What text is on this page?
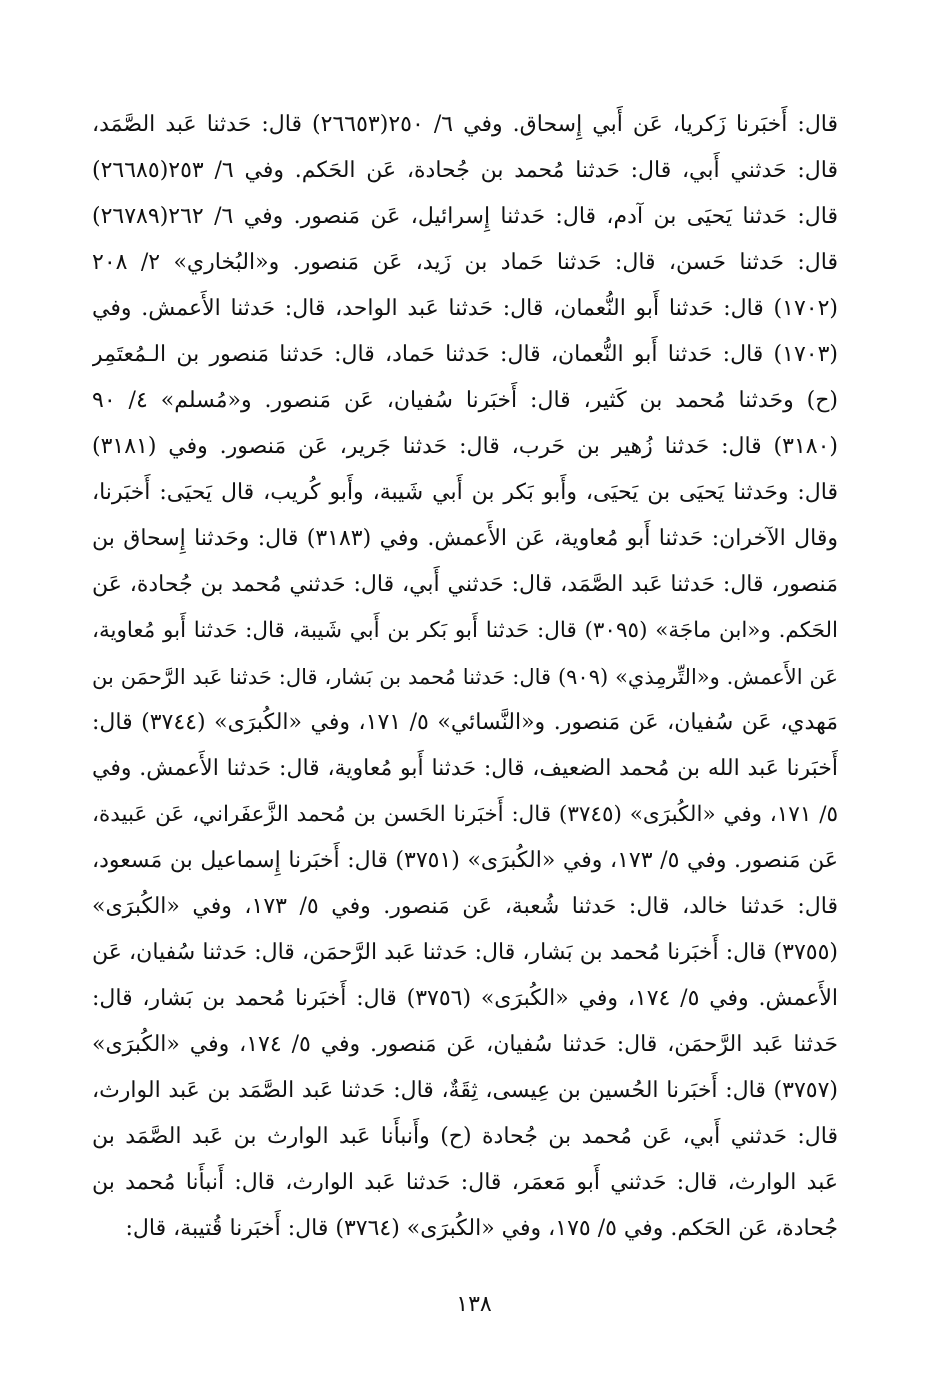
قال: أَخبَرنا زَكريا، عَن أَبي إِسحاق. وفي ٦/ ٢٥٠(٢٦٦٥٣) قال: حَدثنا عَبد الصَّمَد،
قال: حَدثني أَبي، قال: حَدثنا مُحمد بن جُحادة، عَن الحَكم. وفي ٦/ ٢٥٣(٢٦٦٨٥)
قال: حَدثنا يَحيَى بن آدم، قال: حَدثنا إِسرائيل، عَن مَنصور. وفي ٦/ ٢٦٢(٢٦٧٨٩)
قال: حَدثنا حَسن، قال: حَدثنا حَماد بن زَيد، عَن مَنصور. و«البُخاري» ٢/ ٢٠٨
(١٧٠٢) قال: حَدثنا أَبو النُّعمان، قال: حَدثنا عَبد الواحد، قال: حَدثنا الأَعمش. وفي
(١٧٠٣) قال: حَدثنا أَبو النُّعمان، قال: حَدثنا حَماد، قال: حَدثنا مَنصور بن الـمُعتَمِر
(ح) وحَدثنا مُحمد بن كَثير، قال: أَخبَرنا سُفيان، عَن مَنصور. و«مُسلم» ٤/ ٩٠
(٣١٨٠) قال: حَدثنا زُهير بن حَرب، قال: حَدثنا جَرير، عَن مَنصور. وفي (٣١٨١)
قال: وحَدثنا يَحيَى بن يَحيَى، وأَبو بَكر بن أَبي شَيبة، وأَبو كُريب، قال يَحيَى: أَخبَرنا،
وقال الآخران: حَدثنا أَبو مُعاوية، عَن الأَعمش. وفي (٣١٨٣) قال: وحَدثنا إِسحاق بن
مَنصور، قال: حَدثنا عَبد الصَّمَد، قال: حَدثني أَبي، قال: حَدثني مُحمد بن جُحادة، عَن
الحَكم. و«ابن ماجَة» (٣٠٩٥) قال: حَدثنا أَبو بَكر بن أَبي شَيبة، قال: حَدثنا أَبو مُعاوية،
عَن الأَعمش. و«التِّرمِذي» (٩٠٩) قال: حَدثنا مُحمد بن بَشار، قال: حَدثنا عَبد الرَّحمَن بن
مَهدي، عَن سُفيان، عَن مَنصور. و«النَّسائي» ٥/ ١٧١، وفي «الكُبرَى» (٣٧٤٤) قال:
أَخبَرنا عَبد الله بن مُحمد الضعيف، قال: حَدثنا أَبو مُعاوية، قال: حَدثنا الأَعمش. وفي
٥/ ١٧١، وفي «الكُبرَى» (٣٧٤٥) قال: أَخبَرنا الحَسن بن مُحمد الزَّعفَراني، عَن عَبيدة،
عَن مَنصور. وفي ٥/ ١٧٣، وفي «الكُبرَى» (٣٧٥١) قال: أَخبَرنا إِسماعيل بن مَسعود،
قال: حَدثنا خالد، قال: حَدثنا شُعبة، عَن مَنصور. وفي ٥/ ١٧٣، وفي «الكُبرَى»
(٣٧٥٥) قال: أَخبَرنا مُحمد بن بَشار، قال: حَدثنا عَبد الرَّحمَن، قال: حَدثنا سُفيان، عَن
الأَعمش. وفي ٥/ ١٧٤، وفي «الكُبرَى» (٣٧٥٦) قال: أَخبَرنا مُحمد بن بَشار، قال:
حَدثنا عَبد الرَّحمَن، قال: حَدثنا سُفيان، عَن مَنصور. وفي ٥/ ١٧٤، وفي «الكُبرَى»
(٣٧٥٧) قال: أَخبَرنا الحُسين بن عِيسى، ثِقَةٌ، قال: حَدثنا عَبد الصَّمَد بن عَبد الوارث،
قال: حَدثني أَبي، عَن مُحمد بن جُحادة (ح) وأَنبأَنا عَبد الوارث بن عَبد الصَّمَد بن
عَبد الوارث، قال: حَدثني أَبو مَعمَر، قال: حَدثنا عَبد الوارث، قال: أَنبأَنا مُحمد بن
جُحادة، عَن الحَكم. وفي ٥/ ١٧٥، وفي «الكُبرَى» (٣٧٦٤) قال: أَخبَرنا قُتيبة، قال:
١٣٨
